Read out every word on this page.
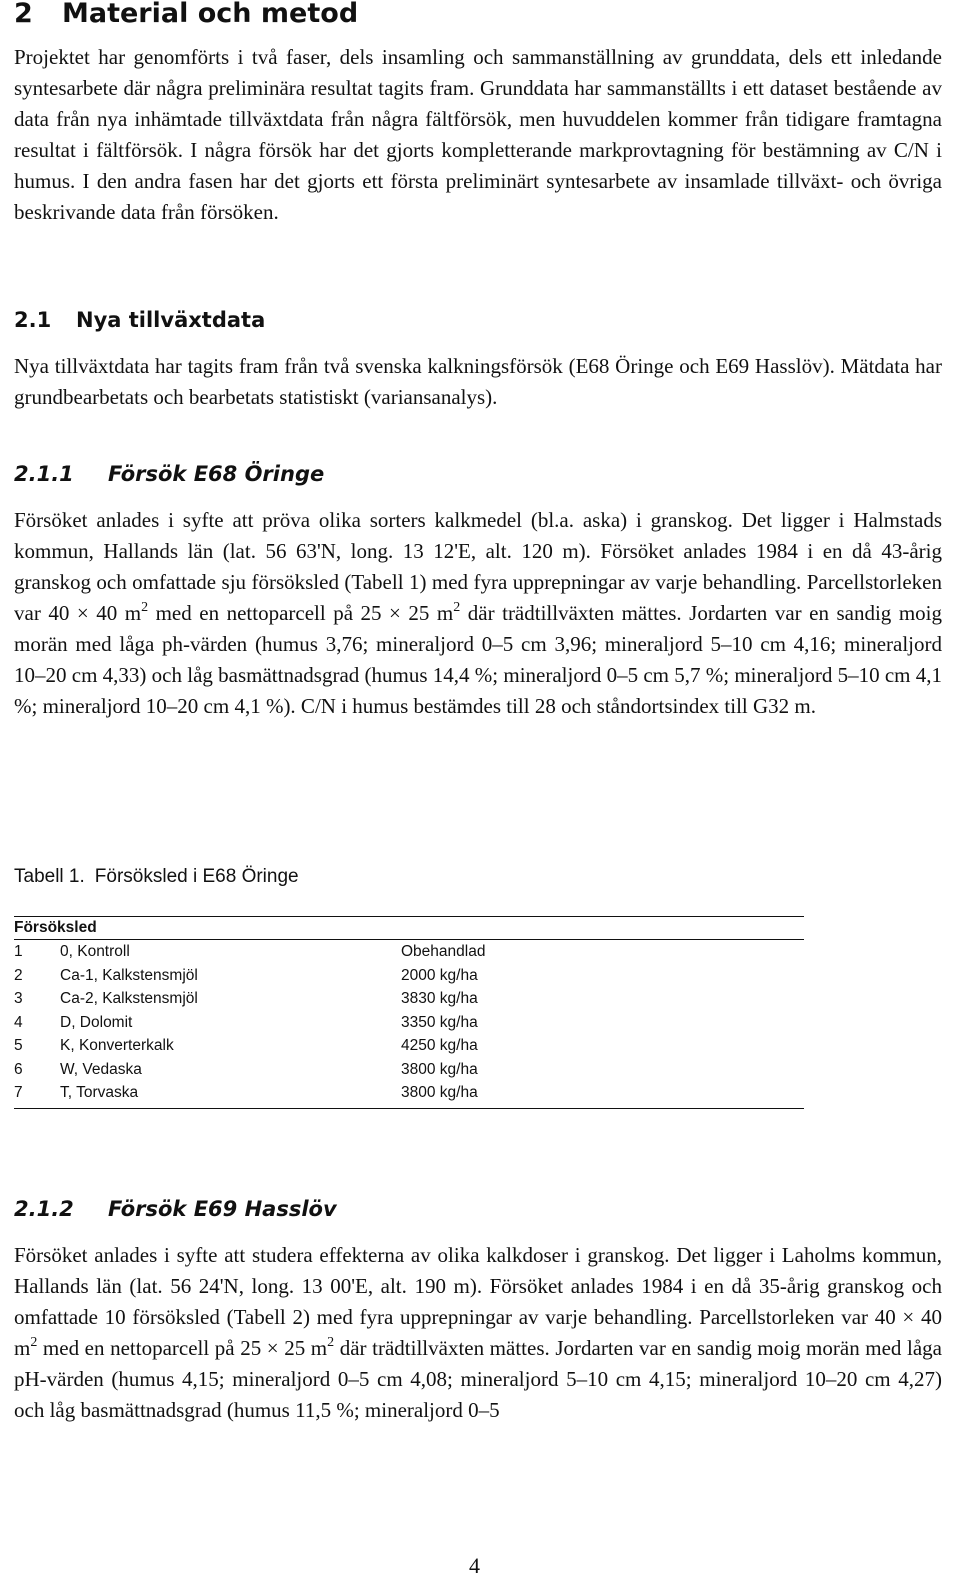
2 Material och metod

Projektet har genomförts i två faser, dels insamling och sammanställning av grunddata, dels ett inledande syntesarbete där några preliminära resultat tagits fram. Grunddata har sammanställts i ett dataset bestående av data från nya inhämtade tillväxtdata från några fältförsök, men huvuddelen kommer från tidigare framtagna resultat i fältförsök. I några försök har det gjorts kompletterande markprovtagning för bestämning av C/N i humus. I den andra fasen har det gjorts ett första preliminärt syntesarbete av insamlade tillväxt- och övriga beskrivande data från försöken.

2.1 Nya tillväxtdata

Nya tillväxtdata har tagits fram från två svenska kalkningsförsök (E68 Öringe och E69 Hasslöv). Mätdata har grundbearbetats och bearbetats statistiskt (variansanalys).

2.1.1 Försök E68 Öringe

Försöket anlades i syfte att pröva olika sorters kalkmedel (bl.a. aska) i granskog. Det ligger i Halmstads kommun, Hallands län (lat. 56 63'N, long. 13 12'E, alt. 120 m). Försöket anlades 1984 i en då 43-årig granskog och omfattade sju försöksled (Tabell 1) med fyra upprepningar av varje behandling. Parcellstorleken var 40 × 40 $m^2$ med en nettoparcell på 25 × 25 $m^2$ där trädtillväxten mättes. Jordarten var en sandig moig morän med låga ph-värden (humus 3,76; mineraljord 0–5 cm 3,96; mineraljord 5–10 cm 4,16; mineraljord 10–20 cm 4,33) och låg basmättnadsgrad (humus 14,4 %; mineraljord 0–5 cm 5,7 %; mineraljord 5–10 cm 4,1 %; mineraljord 10–20 cm 4,1 %). C/N i humus bestämdes till 28 och ståndortsindex till G32 m.

Tabell 1. Försöksled i E68 Öringe

Försöksled
1 0, Kontroll	Obehandlad
2 Ca-1, Kalkstensmjöl	2000 kg/ha
3 Ca-2, Kalkstensmjöl	3830 kg/ha
4 D, Dolomit	3350 kg/ha
5 K, Konverterkalk	4250 kg/ha
6 W, Vedaska	3800 kg/ha
7 T, Torvaska	3800 kg/ha
2.1.2 Försök E69 Hasslöv

Försöket anlades i syfte att studera effekterna av olika kalkdoser i granskog. Det ligger i Laholms kommun, Hallands län (lat. 56 24'N, long. 13 00'E, alt. 190 m). Försöket anlades 1984 i en då 35-årig granskog och omfattade 10 försöksled (Tabell 2) med fyra upprepningar av varje behandling. Parcellstorleken var 40 × 40 $m^2$ med en nettoparcell på 25 × 25 $m^2$ där trädtillväxten mättes. Jordarten var en sandig moig morän med låga pH-värden (humus 4,15; mineraljord 0–5 cm 4,08; mineraljord 5–10 cm 4,15; mineraljord 10–20 cm 4,27) och låg basmättnadsgrad (humus 11,5 %; mineraljord 0–5

4
